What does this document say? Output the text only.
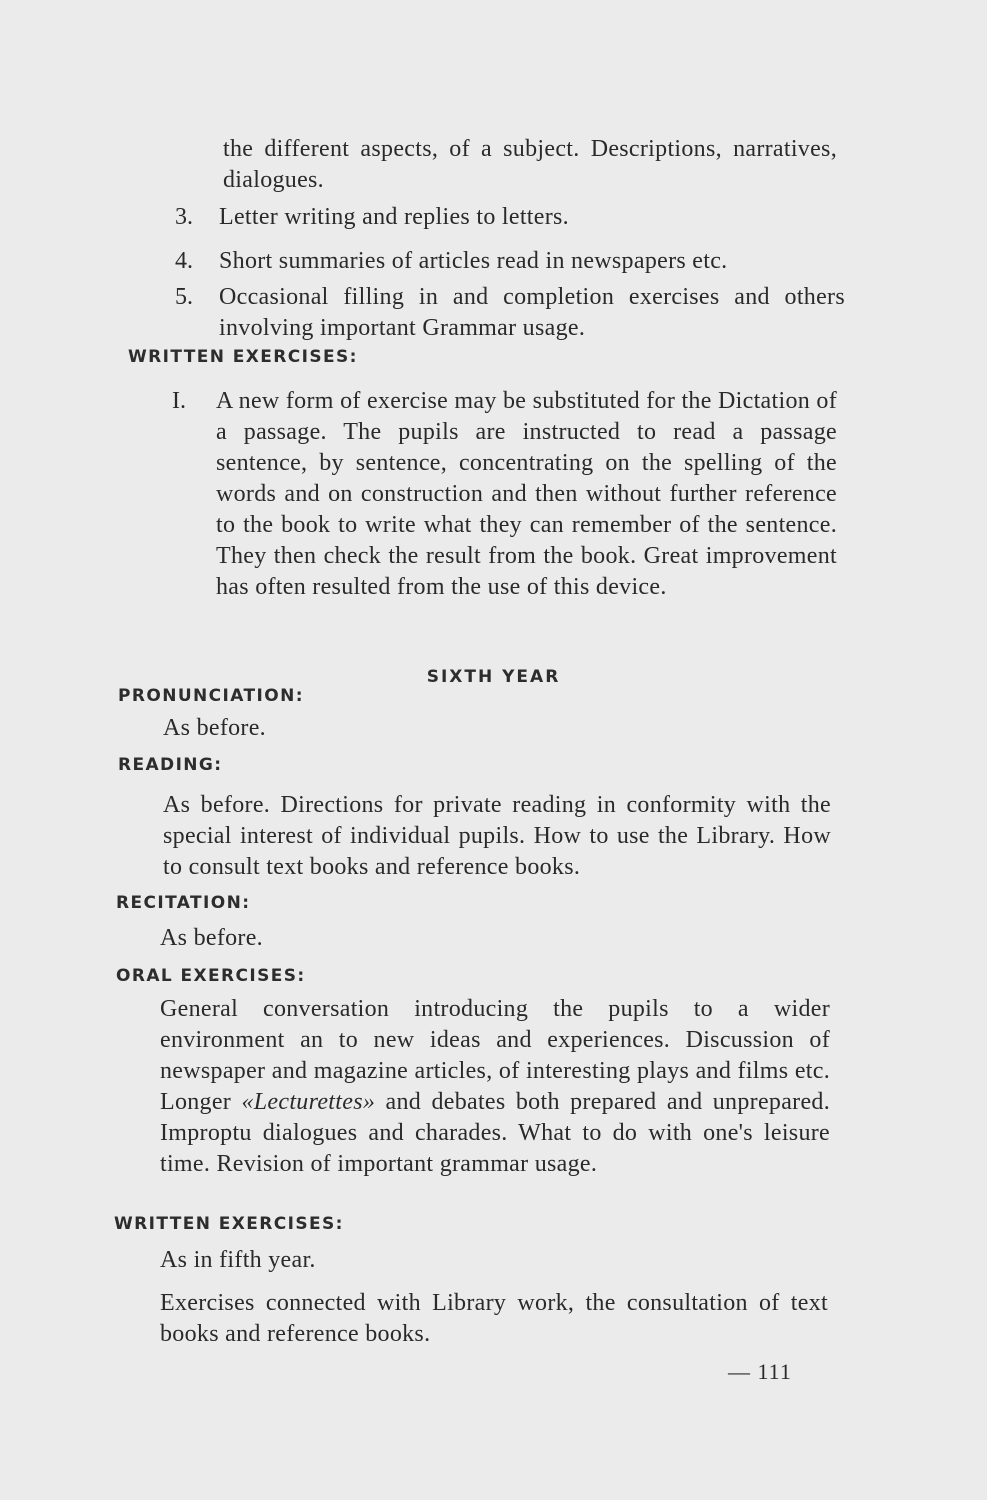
the different aspects, of a subject. Descriptions, narratives, dialogues.
3. Letter writing and replies to letters.
4. Short summaries of articles read in newspapers etc.
5. Occasional filling in and completion exercises and others involving important Grammar usage.
WRITTEN EXERCISES:
I. A new form of exercise may be substituted for the Dictation of a passage. The pupils are instructed to read a passage sentence, by sentence, concentrating on the spelling of the words and on construction and then without further reference to the book to write what they can remember of the sentence. They then check the result from the book. Great improvement has often resulted from the use of this device.
SIXTH YEAR
PRONUNCIATION:
As before.
READING:
As before. Directions for private reading in conformity with the special interest of individual pupils. How to use the Library. How to consult text books and reference books.
RECITATION:
As before.
ORAL EXERCISES:
General conversation introducing the pupils to a wider environment an to new ideas and experiences. Discussion of newspaper and magazine articles, of interesting plays and films etc. Longer «Lecturettes» and debates both prepared and unprepared. Improptu dialogues and charades. What to do with one's leisure time. Revision of important grammar usage.
WRITTEN EXERCISES:
As in fifth year.
Exercises connected with Library work, the consultation of text books and reference books.
— 111
